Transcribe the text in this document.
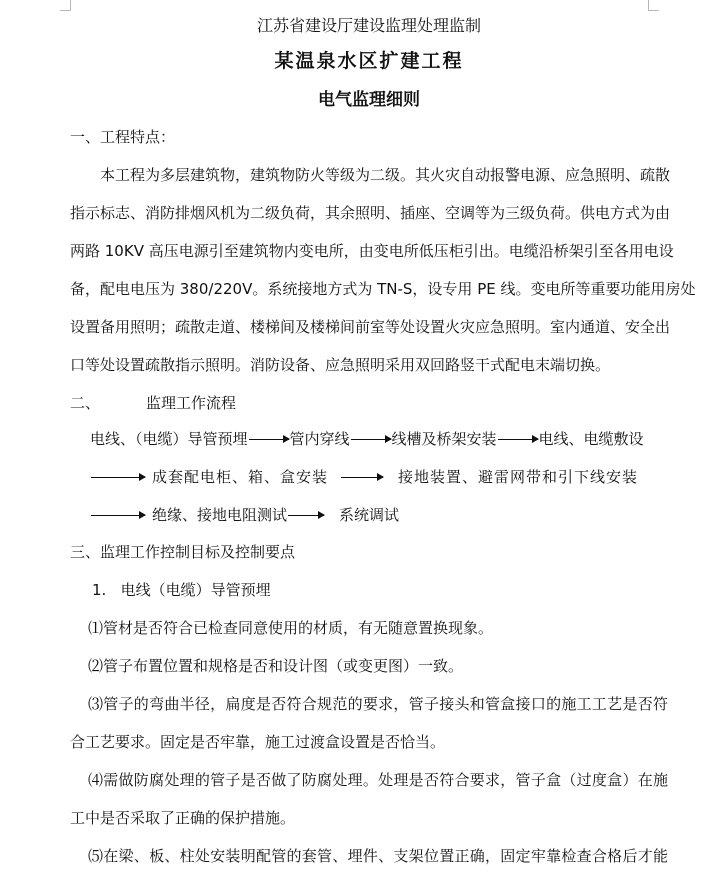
江苏省建设厅建设监理处理监制
某温泉水区扩建工程
电气监理细则
一、工程特点：
本工程为多层建筑物，建筑物防火等级为二级。其火灾自动报警电源、应急照明、疏散
指示标志、消防排烟风机为二级负荷，其余照明、插座、空调等为三级负荷。供电方式为由
两路 10KV 高压电源引至建筑物内变电所，由变电所低压柜引出。电缆沿桥架引至各用电设
备，配电电压为 380/220V。系统接地方式为 TN-S，设专用 PE 线。变电所等重要功能用房处
设置备用照明；疏散走道、楼梯间及楼梯间前室等处设置火灾应急照明。室内通道、安全出
口等处设置疏散指示照明。消防设备、应急照明采用双回路竖干式配电末端切换。
二、	监理工作流程
电线、（电缆）导管预埋	管内穿线	线槽及桥架安装	电线、电缆敷设
成套配电柜、箱、盒安装	接地装置、避雷网带和引下线安装
绝缘、接地电阻测试	系统调试
三、监理工作控制目标及控制要点
1.   电线（电缆）导管预埋
⑴管材是否符合已检查同意使用的材质，有无随意置换现象。
⑵管子布置位置和规格是否和设计图（或变更图）一致。
⑶管子的弯曲半径，扁度是否符合规范的要求，管子接头和管盒接口的施工工艺是否符
合工艺要求。固定是否牢靠，施工过渡盒设置是否恰当。
⑷需做防腐处理的管子是否做了防腐处理。处理是否符合要求，管子盒（过度盒）在施
工中是否采取了正确的保护措施。
⑸在梁、板、柱处安装明配管的套管、埋件、支架位置正确，固定牢靠检查合格后才能
